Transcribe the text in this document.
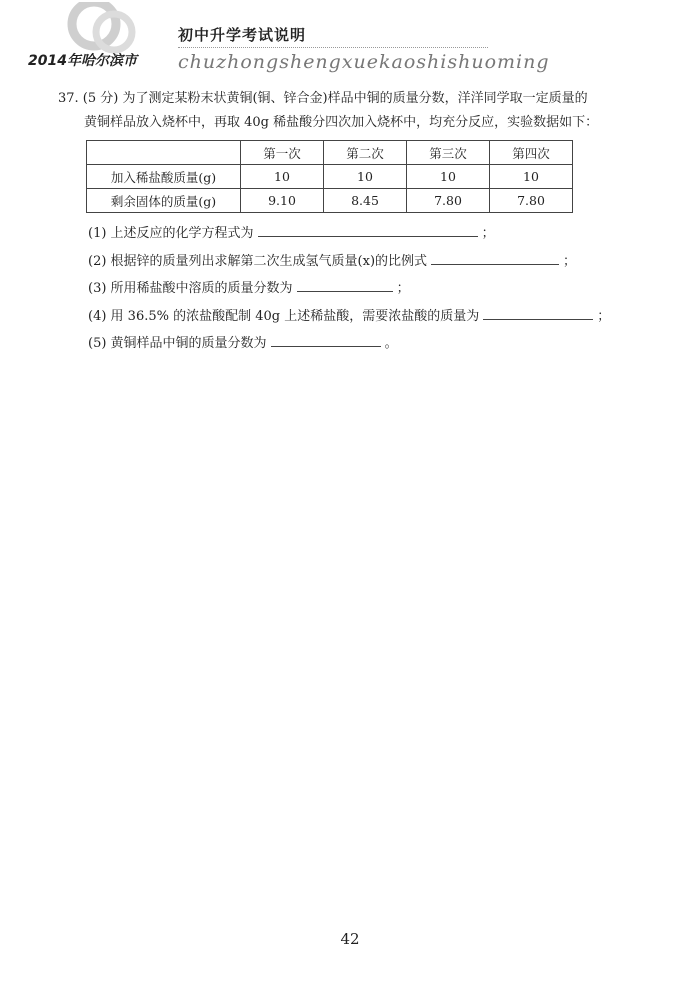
2014年哈尔滨市
初中升学考试说明
chuzhongshengxuekaoshishuoming
37. (5 分) 为了测定某粉末状黄铜(铜、锌合金)样品中铜的质量分数，洋洋同学取一定质量的
黄铜样品放入烧杯中，再取 40g 稀盐酸分四次加入烧杯中，均充分反应，实验数据如下：
	第一次	第二次	第三次	第四次
加入稀盐酸质量(g)	10	10	10	10
剩余固体的质量(g)	9.10	8.45	7.80	7.80
(1) 上述反应的化学方程式为	；
(2) 根据锌的质量列出求解第二次生成氢气质量(x)的比例式	；
(3) 所用稀盐酸中溶质的质量分数为	；
(4) 用 36.5% 的浓盐酸配制 40g 上述稀盐酸，需要浓盐酸的质量为	；
(5) 黄铜样品中铜的质量分数为	。
42
